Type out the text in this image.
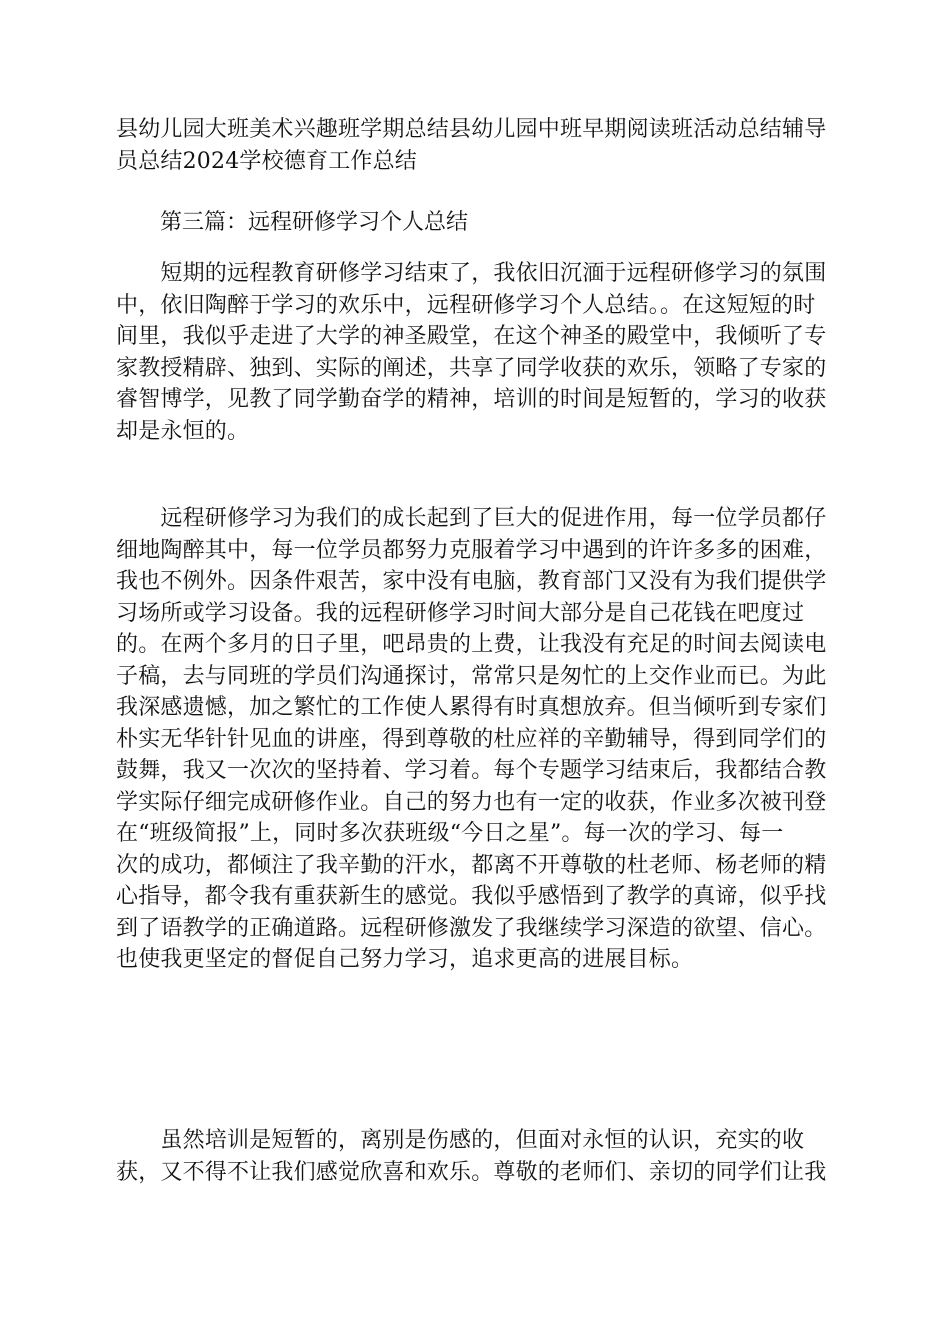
县幼儿园大班美术兴趣班学期总结县幼儿园中班早期阅读班活动总结辅导
员总结2024学校德育工作总结
第三篇：远程研修学习个人总结
　　短期的远程教育研修学习结束了，我依旧沉湎于远程研修学习的氛围
中，依旧陶醉于学习的欢乐中，远程研修学习个人总结。。在这短短的时
间里，我似乎走进了大学的神圣殿堂，在这个神圣的殿堂中，我倾听了专
家教授精辟、独到、实际的阐述，共享了同学收获的欢乐，领略了专家的
睿智博学，见教了同学勤奋学的精神，培训的时间是短暂的，学习的收获
却是永恒的。
　　远程研修学习为我们的成长起到了巨大的促进作用，每一位学员都仔
细地陶醉其中，每一位学员都努力克服着学习中遇到的许许多多的困难，
我也不例外。因条件艰苦，家中没有电脑，教育部门又没有为我们提供学
习场所或学习设备。我的远程研修学习时间大部分是自己花钱在吧度过
的。在两个多月的日子里，吧昂贵的上费，让我没有充足的时间去阅读电
子稿，去与同班的学员们沟通探讨，常常只是匆忙的上交作业而已。为此
我深感遗憾，加之繁忙的工作使人累得有时真想放弃。但当倾听到专家们
朴实无华针针见血的讲座，得到尊敬的杜应祥的辛勤辅导，得到同学们的
鼓舞，我又一次次的坚持着、学习着。每个专题学习结束后，我都结合教
学实际仔细完成研修作业。自己的努力也有一定的收获，作业多次被刊登
在“班级简报”上，同时多次获班级“今日之星”。每一次的学习、每一
次的成功，都倾注了我辛勤的汗水，都离不开尊敬的杜老师、杨老师的精
心指导，都令我有重获新生的感觉。我似乎感悟到了教学的真谛，似乎找
到了语教学的正确道路。远程研修激发了我继续学习深造的欲望、信心。
也使我更坚定的督促自己努力学习，追求更高的进展目标。
　　虽然培训是短暂的，离别是伤感的，但面对永恒的认识，充实的收
获，又不得不让我们感觉欣喜和欢乐。尊敬的老师们、亲切的同学们让我
